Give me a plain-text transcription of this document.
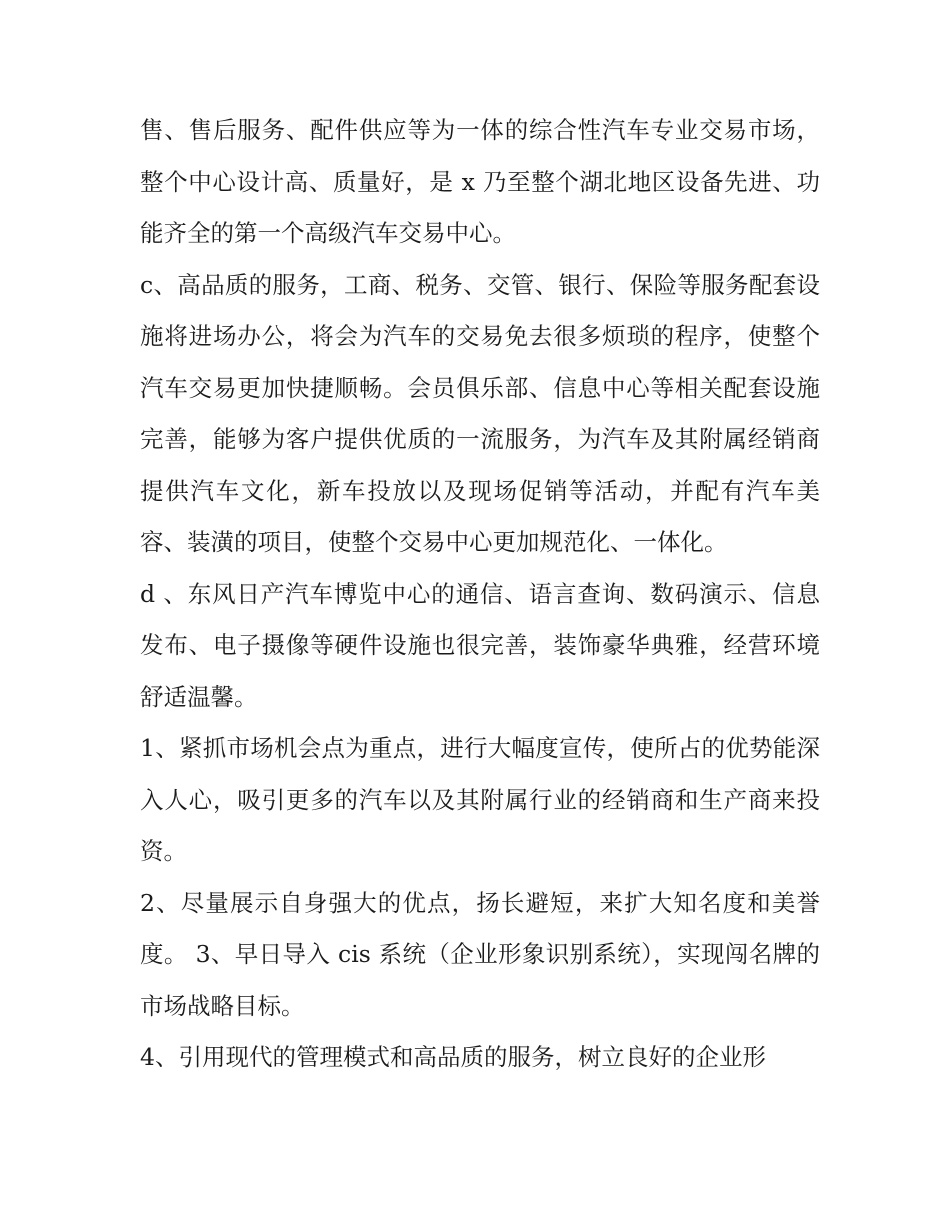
售、售后服务、配件供应等为一体的综合性汽车专业交易市场，整个中心设计高、质量好，是 x 乃至整个湖北地区设备先进、功能齐全的第一个高级汽车交易中心。

c、高品质的服务，工商、税务、交管、银行、保险等服务配套设施将进场办公，将会为汽车的交易免去很多烦琐的程序，使整个汽车交易更加快捷顺畅。会员俱乐部、信息中心等相关配套设施完善，能够为客户提供优质的一流服务，为汽车及其附属经销商提供汽车文化，新车投放以及现场促销等活动，并配有汽车美容、装潢的项目，使整个交易中心更加规范化、一体化。

d 、东风日产汽车博览中心的通信、语言查询、数码演示、信息发布、电子摄像等硬件设施也很完善，装饰豪华典雅，经营环境舒适温馨。

1、紧抓市场机会点为重点，进行大幅度宣传，使所占的优势能深入人心，吸引更多的汽车以及其附属行业的经销商和生产商来投资。

2、尽量展示自身强大的优点，扬长避短，来扩大知名度和美誉度。 3、早日导入 cis 系统（企业形象识别系统），实现闯名牌的市场战略目标。

4、引用现代的管理模式和高品质的服务，树立良好的企业形
